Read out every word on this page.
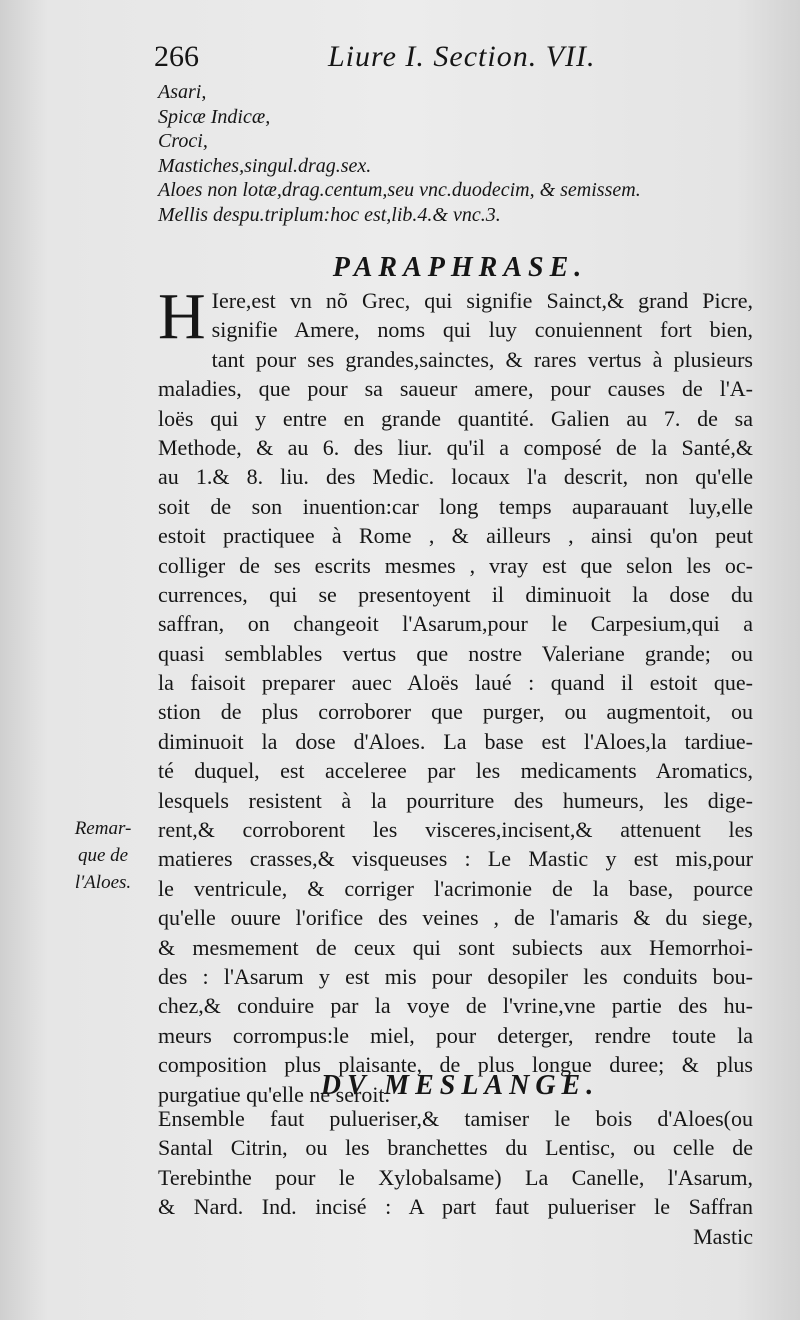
266	Liure I. Section. VII.

Asari,

Spicæ Indicæ,

Croci,

Mastiches,singul.drag.sex.

Aloes non lotæ,drag.centum,seu vnc.duodecim, & semissem.

Mellis despu.triplum:hoc est,lib.4.& vnc.3.

PARAPHRASE.
H Iere,est vn nõ Grec, qui signifie Sainct,& grand Picre,
signifie Amere, noms qui luy conuiennent fort bien,
tant pour ses grandes,sainctes, & rares vertus à plusieurs
maladies, que pour sa saueur amere, pour causes de l'A-
loës qui y entre en grande quantité. Galien au 7. de sa
Methode, & au 6. des liur. qu'il a composé de la Santé,&
au 1.& 8. liu. des Medic. locaux l'a descrit, non qu'elle
soit de son inuention:car long temps auparauant luy,elle
estoit practiquee à Rome , & ailleurs , ainsi qu'on peut
colliger de ses escrits mesmes , vray est que selon les oc-
currences, qui se presentoyent il diminuoit la dose du
saffran, on changeoit l'Asarum,pour le Carpesium,qui a
quasi semblables vertus que nostre Valeriane grande; ou
la faisoit preparer auec Aloës laué : quand il estoit que-
stion de plus corroborer que purger, ou augmentoit, ou
diminuoit la dose d'Aloes. La base est l'Aloes,la tardiue-
té duquel, est acceleree par les medicaments Aromatics,
lesquels resistent à la pourriture des humeurs, les dige-
rent,& corroborent les visceres,incisent,& attenuent les
matieres crasses,& visqueuses : Le Mastic y est mis,pour
le ventricule, & corriger l'acrimonie de la base, pource
qu'elle ouure l'orifice des veines , de l'amaris & du siege,
& mesmement de ceux qui sont subiects aux Hemorrhoi-
des : l'Asarum y est mis pour desopiler les conduits bou-
chez,& conduire par la voye de l'vrine,vne partie des hu-
meurs corrompus:le miel, pour deterger, rendre toute la
composition plus plaisante, de plus longue duree; & plus
purgatiue qu'elle ne seroit.
Remar-
que de
l'Aloes.
DV MESLANGE.
Ensemble faut pulueriser,& tamiser le bois d'Aloes(ou
Santal Citrin, ou les branchettes du Lentisc, ou celle de
Terebinthe pour le Xylobalsame) La Canelle, l'Asarum,
& Nard. Ind. incisé : A part faut pulueriser le Saffran
Mastic
